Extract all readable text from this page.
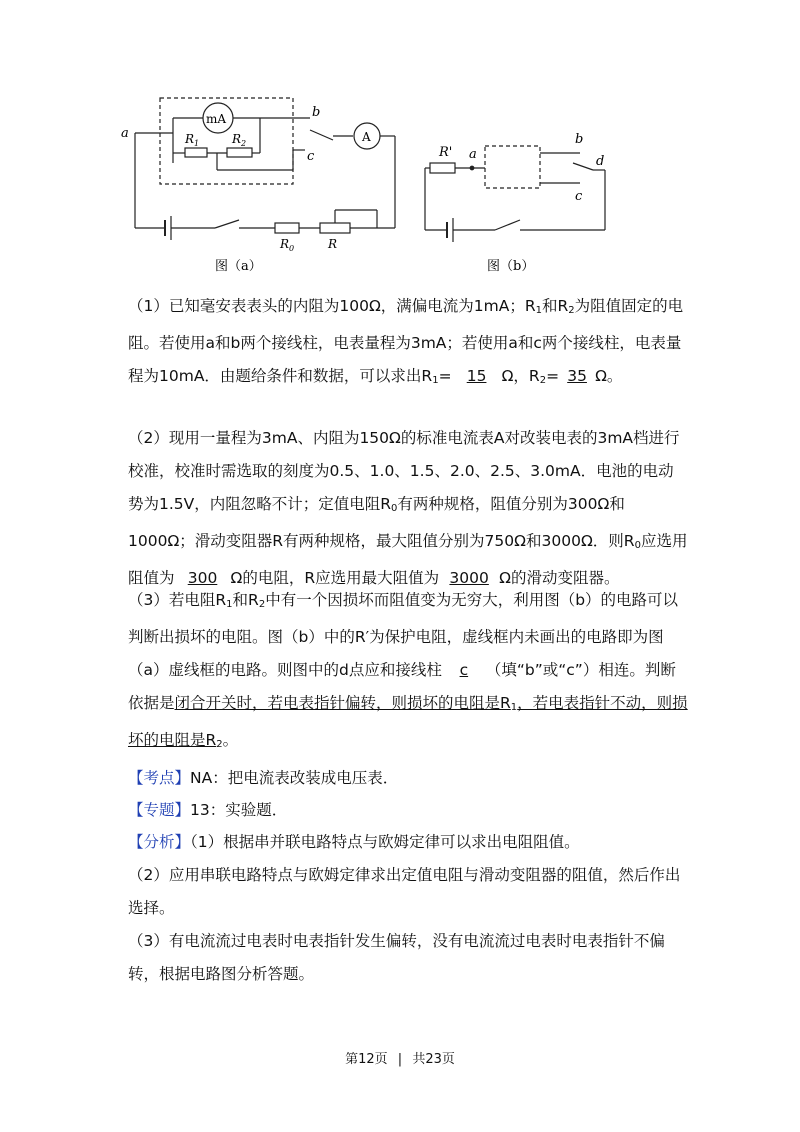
a
b
c
mA
A
$R_1$	$R_2$
$R_0$	R
图（a）
R' a
b
d
c
图（b）
（1）已知毫安表表头的内阻为100Ω，满偏电流为1mA；$R_1$和$R_2$为阻值固定的电阻。若使用a和b两个接线柱，电表量程为3mA；若使用a和c两个接线柱，电表量程为10mA．由题给条件和数据，可以求出$R_1= 15$ Ω，$R_2= 35$ Ω。
（2）现用一量程为3mA、内阻为150Ω的标准电流表A对改装电表的3mA档进行校准，校准时需选取的刻度为0.5、1.0、1.5、2.0、2.5、3.0mA．电池的电动势为1.5V，内阻忽略不计；定值电阻$R_0$有两种规格，阻值分别为300Ω和1000Ω；滑动变阻器R有两种规格，最大阻值分别为750Ω和3000Ω．则$R_0$应选用阻值为 300 Ω的电阻，R应选用最大阻值为 3000 Ω的滑动变阻器。
（3）若电阻$R_1$和$R_2$中有一个因损坏而阻值变为无穷大，利用图（b）的电路可以判断出损坏的电阻。图（b）中的R′为保护电阻，虚线框内未画出的电路即为图（a）虚线框的电路。则图中的d点应和接线柱 c （填“b”或“c”）相连。判断依据是闭合开关时，若电表指针偏转，则损坏的电阻是$R_1$，若电表指针不动，则损坏的电阻是$R_2$。
【考点】NA：把电流表改装成电压表．
【专题】13：实验题．
【分析】（1）根据串并联电路特点与欧姆定律可以求出电阻阻值。
（2）应用串联电路特点与欧姆定律求出定值电阻与滑动变阻器的阻值，然后作出选择。
（3）有电流流过电表时电表指针发生偏转，没有电流流过电表时电表指针不偏转，根据电路图分析答题。
第12页 | 共23页
